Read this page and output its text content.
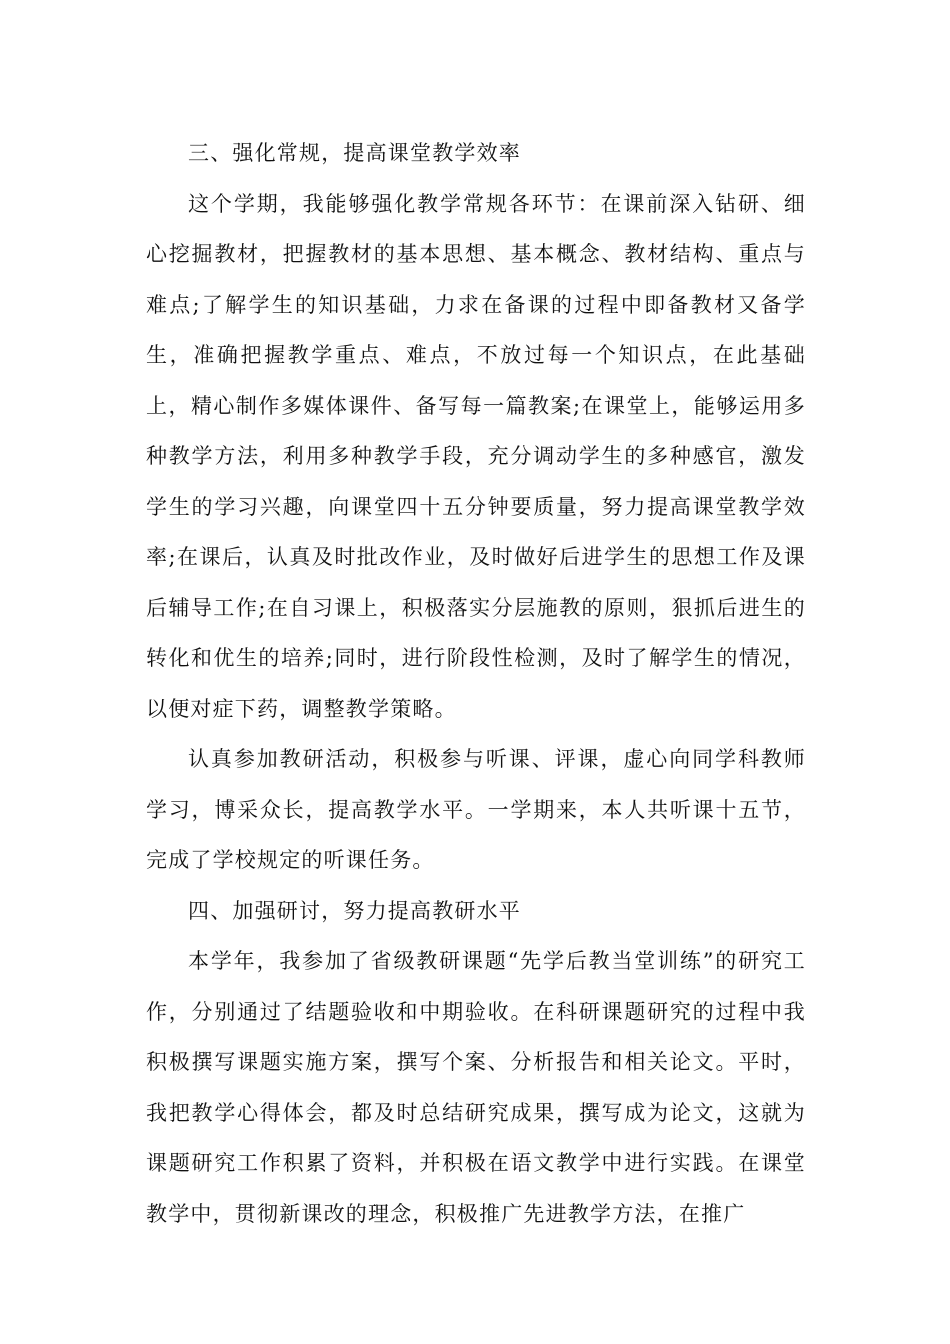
三、强化常规，提高课堂教学效率

这个学期，我能够强化教学常规各环节：在课前深入钻研、细心挖掘教材，把握教材的基本思想、基本概念、教材结构、重点与难点;了解学生的知识基础，力求在备课的过程中即备教材又备学生，准确把握教学重点、难点，不放过每一个知识点，在此基础上，精心制作多媒体课件、备写每一篇教案;在课堂上，能够运用多种教学方法，利用多种教学手段，充分调动学生的多种感官，激发学生的学习兴趣，向课堂四十五分钟要质量，努力提高课堂教学效率;在课后，认真及时批改作业，及时做好后进学生的思想工作及课后辅导工作;在自习课上，积极落实分层施教的原则，狠抓后进生的转化和优生的培养;同时，进行阶段性检测，及时了解学生的情况，以便对症下药，调整教学策略。

认真参加教研活动，积极参与听课、评课，虚心向同学科教师学习，博采众长，提高教学水平。一学期来，本人共听课十五节，完成了学校规定的听课任务。

四、加强研讨，努力提高教研水平

本学年，我参加了省级教研课题“先学后教当堂训练”的研究工作，分别通过了结题验收和中期验收。在科研课题研究的过程中我积极撰写课题实施方案，撰写个案、分析报告和相关论文。平时，我把教学心得体会，都及时总结研究成果，撰写成为论文，这就为课题研究工作积累了资料，并积极在语文教学中进行实践。在课堂教学中，贯彻新课改的理念，积极推广先进教学方法，在推广
